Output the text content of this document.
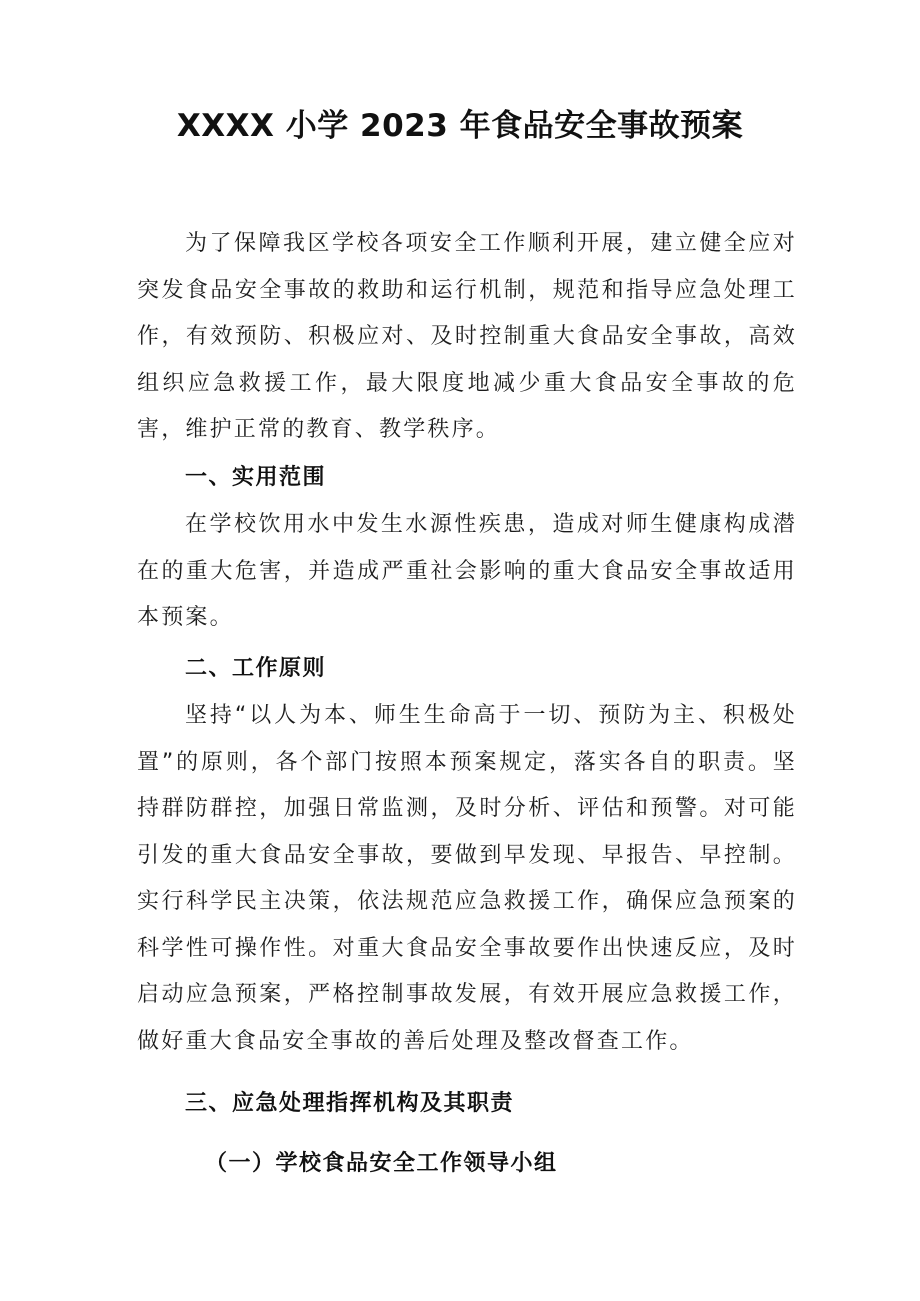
XXXX 小学 2023 年食品安全事故预案

为了保障我区学校各项安全工作顺利开展，建立健全应对突发食品安全事故的救助和运行机制，规范和指导应急处理工作，有效预防、积极应对、及时控制重大食品安全事故，高效组织应急救援工作，最大限度地减少重大食品安全事故的危害，维护正常的教育、教学秩序。

一、实用范围

在学校饮用水中发生水源性疾患，造成对师生健康构成潜在的重大危害，并造成严重社会影响的重大食品安全事故适用本预案。

二、工作原则

坚持“以人为本、师生生命高于一切、预防为主、积极处置”的原则，各个部门按照本预案规定，落实各自的职责。坚持群防群控，加强日常监测，及时分析、评估和预警。对可能引发的重大食品安全事故，要做到早发现、早报告、早控制。实行科学民主决策，依法规范应急救援工作，确保应急预案的科学性可操作性。对重大食品安全事故要作出快速反应，及时启动应急预案，严格控制事故发展，有效开展应急救援工作，做好重大食品安全事故的善后处理及整改督查工作。

三、应急处理指挥机构及其职责
（一）学校食品安全工作领导小组
